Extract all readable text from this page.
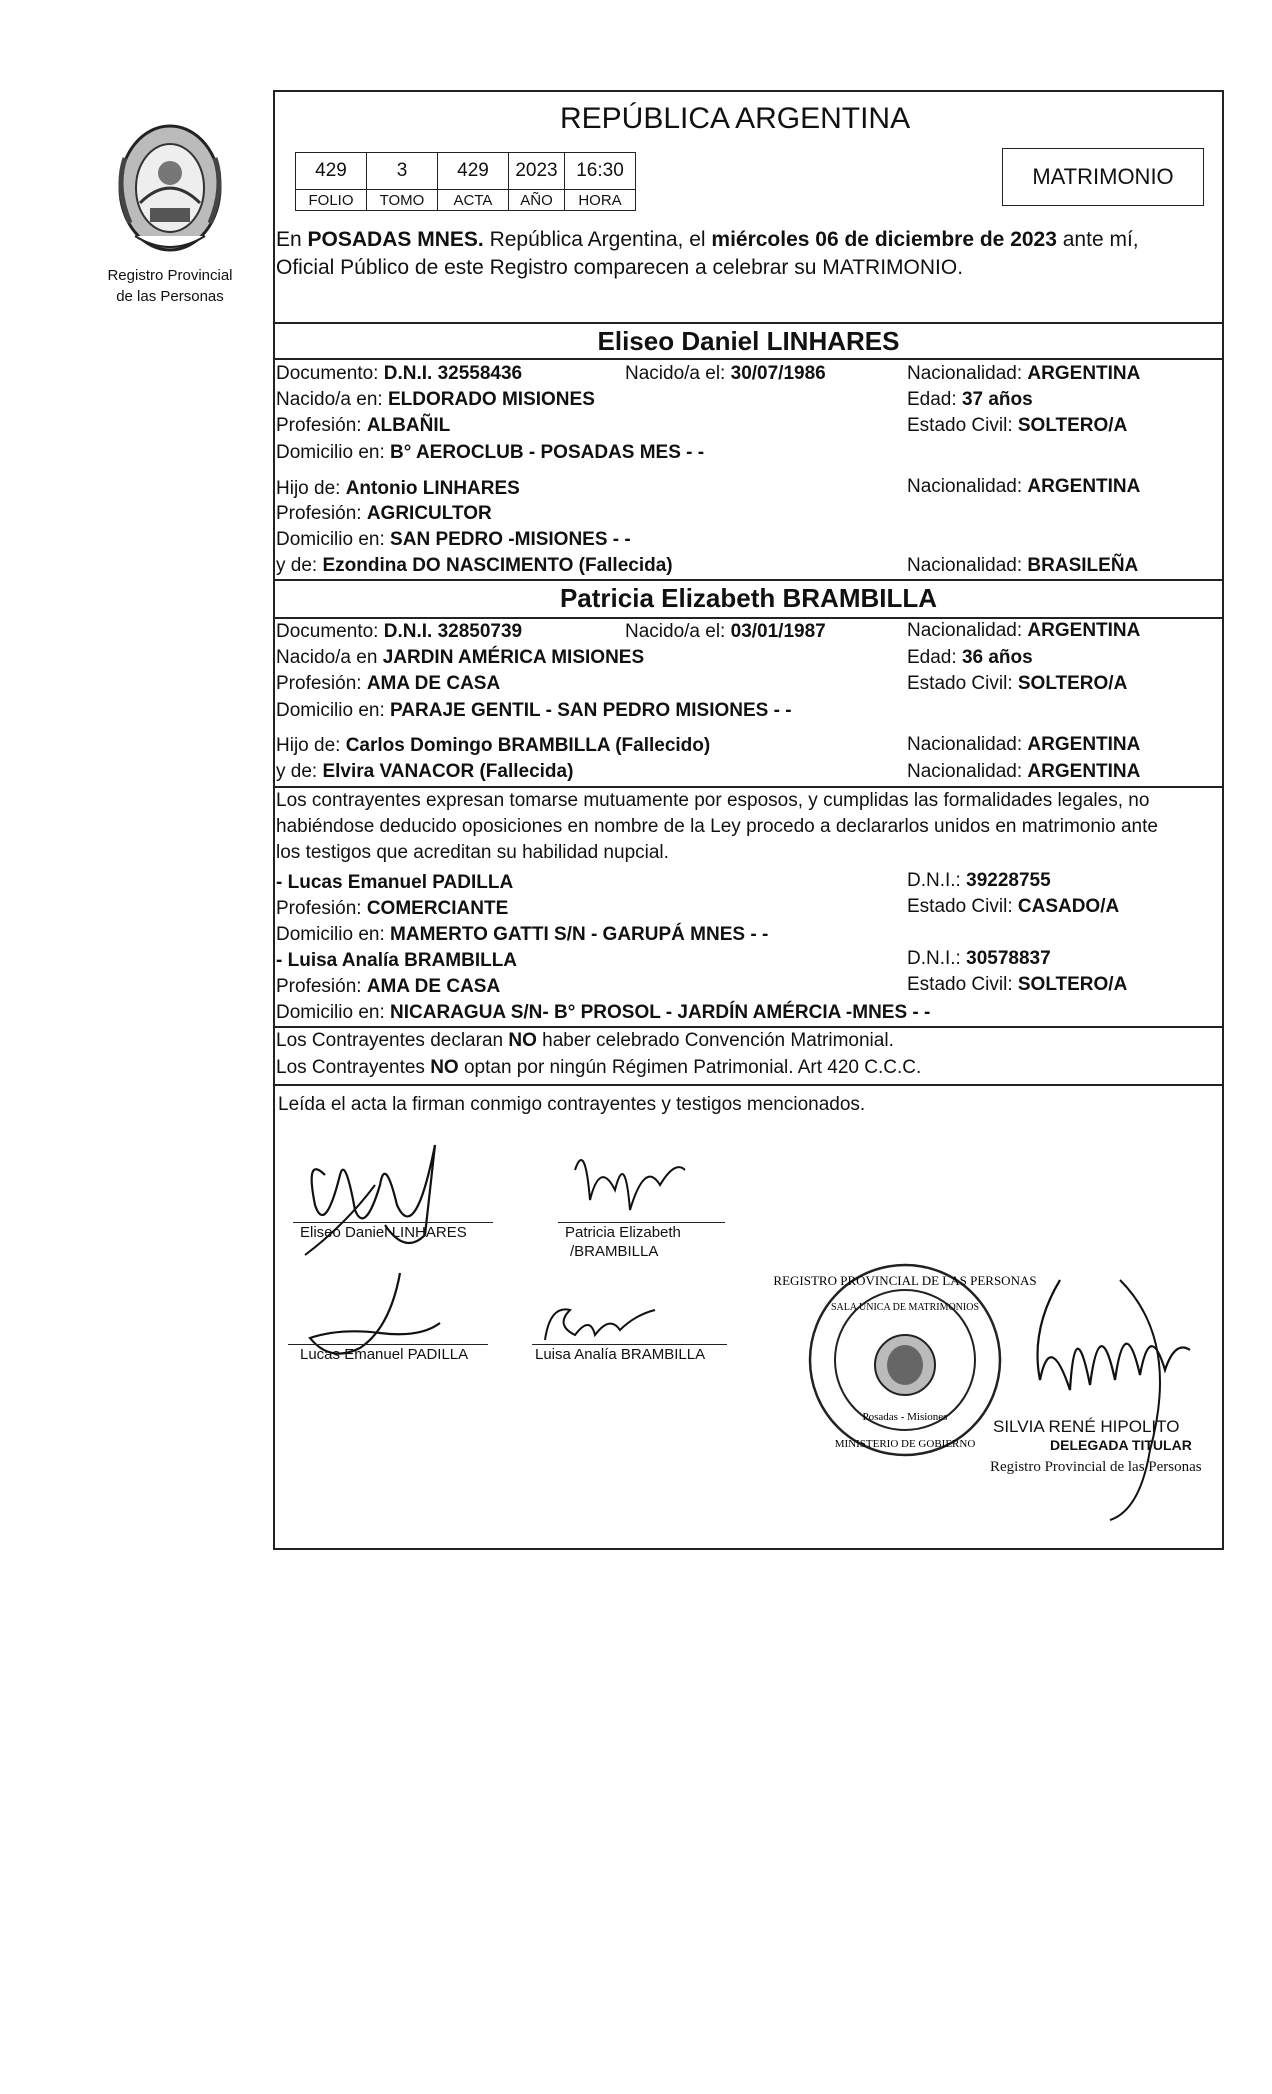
Registro Provincial
de las Personas
REPÚBLICA ARGENTINA
429	3	429	2023	16:30
FOLIO	TOMO	ACTA	AÑO	HORA
MATRIMONIO
En POSADAS MNES. República Argentina, el miércoles 06 de diciembre de 2023 ante mí,
Oficial Público de este Registro comparecen a celebrar su MATRIMONIO.
Eliseo Daniel LINHARES
Documento: D.N.I. 32558436	Nacido/a el: 30/07/1986	Nacionalidad: ARGENTINA
Nacido/a en: ELDORADO MISIONES	Edad: 37 años
Profesión: ALBAÑIL	Estado Civil: SOLTERO/A
Domicilio en: B° AEROCLUB - POSADAS MES - -
Hijo de: Antonio LINHARES	Nacionalidad: ARGENTINA
Profesión: AGRICULTOR
Domicilio en: SAN PEDRO -MISIONES - -
y de: Ezondina DO NASCIMENTO (Fallecida)	Nacionalidad: BRASILEÑA
Patricia Elizabeth BRAMBILLA
Documento: D.N.I. 32850739	Nacido/a el: 03/01/1987	Nacionalidad: ARGENTINA
Nacido/a en JARDIN AMÉRICA MISIONES	Edad: 36 años
Profesión: AMA DE CASA	Estado Civil: SOLTERO/A
Domicilio en: PARAJE GENTIL - SAN PEDRO MISIONES - -
Hijo de: Carlos Domingo BRAMBILLA (Fallecido)	Nacionalidad: ARGENTINA
y de: Elvira VANACOR (Fallecida)	Nacionalidad: ARGENTINA
Los contrayentes expresan tomarse mutuamente por esposos, y cumplidas las formalidades legales, no
habiéndose deducido oposiciones en nombre de la Ley procedo a declararlos unidos en matrimonio ante
los testigos que acreditan su habilidad nupcial.
- Lucas Emanuel PADILLA	D.N.I.: 39228755
Profesión: COMERCIANTE	Estado Civil: CASADO/A
Domicilio en: MAMERTO GATTI S/N - GARUPÁ MNES - -
- Luisa Analía BRAMBILLA	D.N.I.: 30578837
Profesión: AMA DE CASA	Estado Civil: SOLTERO/A
Domicilio en: NICARAGUA S/N- B° PROSOL - JARDÍN AMÉRCIA -MNES - -
Los Contrayentes declaran NO haber celebrado Convención Matrimonial.
Los Contrayentes NO optan por ningún Régimen Patrimonial. Art 420 C.C.C.
Leída el acta la firman conmigo contrayentes y testigos mencionados.
Eliseo Daniel LINHARES	Patricia Elizabeth
/BRAMBILLA
Lucas Emanuel PADILLA	Luisa Analía BRAMBILLA
REGISTRO PROVINCIAL DE LAS PERSONAS
SALA UNICA DE MATRIMONIOS
Posadas - Misiones
MINISTERIO DE GOBIERNO
SILVIA RENÉ HIPOLITO
DELEGADA TITULAR
Registro Provincial de las Personas
